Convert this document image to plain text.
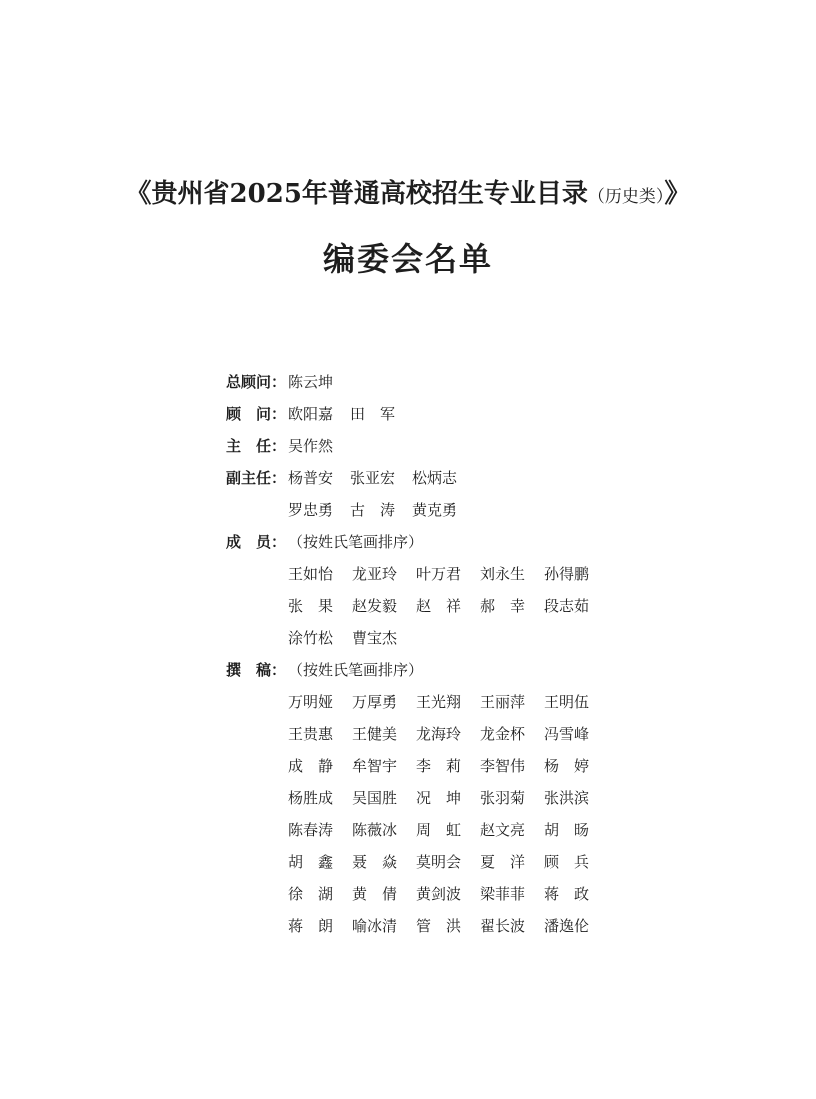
《贵州省2025年普通高校招生专业目录（历史类）》
编委会名单
总顾问： 陈云坤
顾 问： 欧阳嘉 田　军
主 任： 吴作然
副主任： 杨普安 张亚宏 松炳志
罗忠勇 古　涛 黄克勇
成 员： （按姓氏笔画排序）
王如怡 龙亚玲 叶万君 刘永生 孙得鹏
张　果 赵发毅 赵　祥 郝　幸 段志茹
涂竹松 曹宝杰
撰 稿： （按姓氏笔画排序）
万明娅 万厚勇 王光翔 王丽萍 王明伍
王贵惠 王健美 龙海玲 龙金杯 冯雪峰
成　静 牟智宇 李　莉 李智伟 杨　婷
杨胜成 吴国胜 况　坤 张羽菊 张洪滨
陈春涛 陈薇冰 周　虹 赵文亮 胡　旸
胡　鑫 聂　焱 莫明会 夏　洋 顾　兵
徐　湖 黄　倩 黄剑波 梁菲菲 蒋　政
蒋　朗 喻冰清 管　洪 翟长波 潘逸伦
